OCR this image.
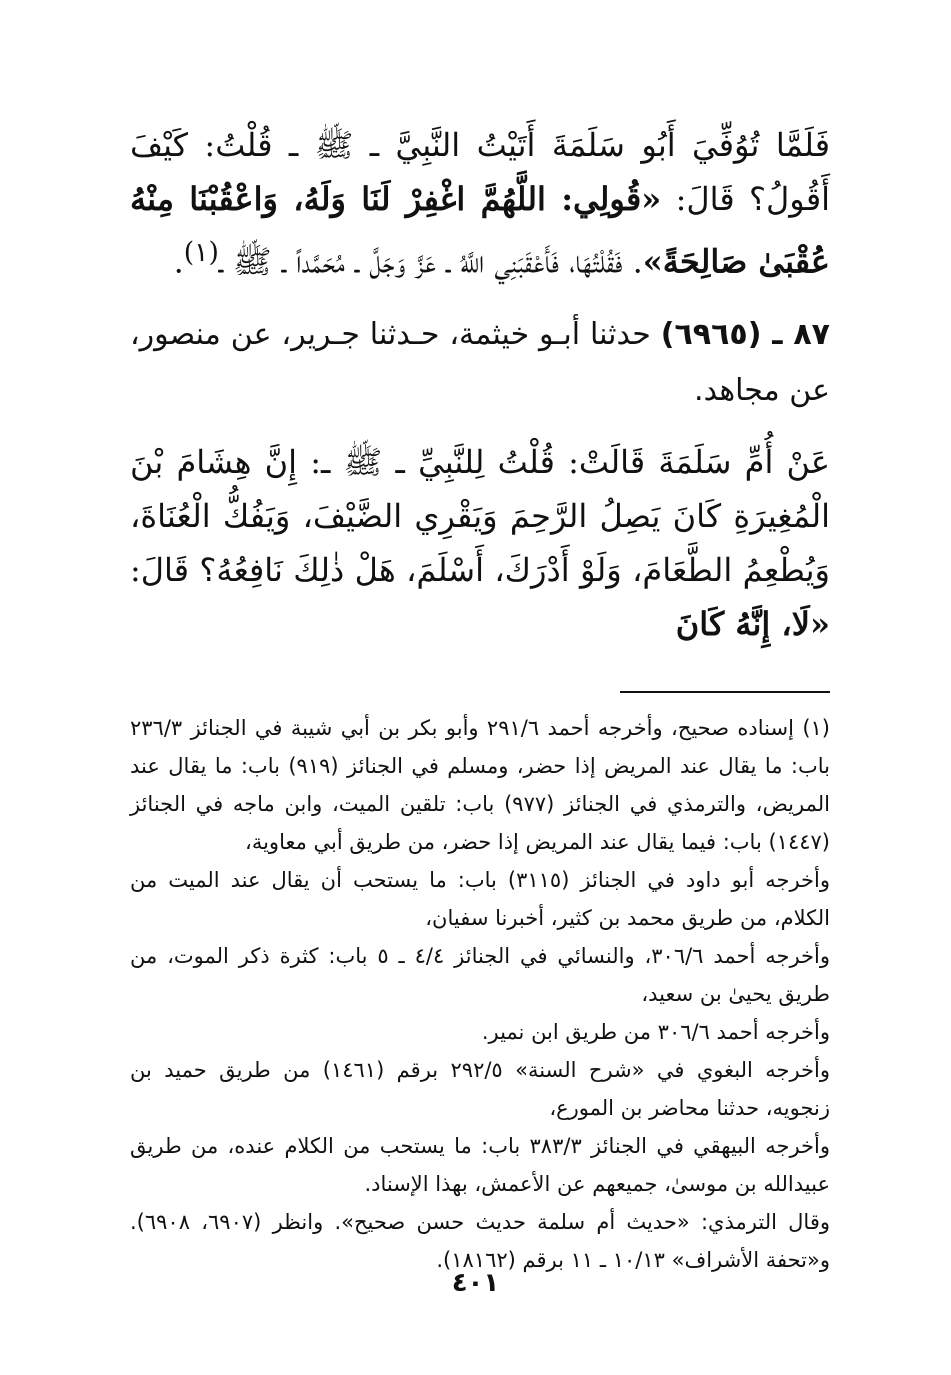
فَلَمَّا تُوُفِّيَ أَبُو سَلَمَةَ أَتَيْتُ النَّبِيَّ ـ ﷺ ـ قُلْتُ: كَيْفَ أَقُولُ؟ قَالَ: «قُولِي: اللَّهُمَّ اغْفِرْ لَنَا وَلَهُ، وَاعْقُبْنَا مِنْهُ عُقْبَىٰ صَالِحَةً». فَقُلْتُهَا، فَأَعْقَبَنِي اللَّهُ ـ عَزَّ وَجَلَّ ـ مُحَمَّداً ـ ﷺ ـ$^{(١)}$.

٨٧ ـ (٦٩٦٥) حدثنا أبـو خيثمة، حـدثنا جـرير، عن منصور، عن مجاهد.

عَنْ أُمِّ سَلَمَةَ قَالَتْ: قُلْتُ لِلنَّبِيِّ ـ ﷺ ـ: إِنَّ هِشَامَ بْنَ الْمُغِيرَةِ كَانَ يَصِلُ الرَّحِمَ وَيَقْرِي الضَّيْفَ، وَيَفُكُّ الْعُنَاةَ، وَيُطْعِمُ الطَّعَامَ، وَلَوْ أَدْرَكَ، أَسْلَمَ، هَلْ ذٰلِكَ نَافِعُهُ؟ قَالَ: «لَا، إِنَّهُ كَانَ

(١) إسناده صحيح، وأخرجه أحمد ٢٩١/٦ وأبو بكر بن أبي شيبة في الجنائز ٢٣٦/٣ باب: ما يقال عند المريض إذا حضر، ومسلم في الجنائز (٩١٩) باب: ما يقال عند المريض، والترمذي في الجنائز (٩٧٧) باب: تلقين الميت، وابن ماجه في الجنائز (١٤٤٧) باب: فيما يقال عند المريض إذا حضر، من طريق أبي معاوية،

وأخرجه أبو داود في الجنائز (٣١١٥) باب: ما يستحب أن يقال عند الميت من الكلام، من طريق محمد بن كثير، أخبرنا سفيان،

وأخرجه أحمد ٣٠٦/٦، والنسائي في الجنائز ٤/٤ ـ ٥ باب: كثرة ذكر الموت، من طريق يحيىٰ بن سعيد،

وأخرجه أحمد ٣٠٦/٦ من طريق ابن نمير.

وأخرجه البغوي في «شرح السنة» ٢٩٢/٥ برقم (١٤٦١) من طريق حميد بن زنجويه، حدثنا محاضر بن المورع،

وأخرجه البيهقي في الجنائز ٣٨٣/٣ باب: ما يستحب من الكلام عنده، من طريق عبيدالله بن موسىٰ، جميعهم عن الأعمش، بهذا الإسناد.

وقال الترمذي: «حديث أم سلمة حديث حسن صحيح». وانظر (٦٩٠٧، ٦٩٠٨). و«تحفة الأشراف» ١٠/١٣ ـ ١١ برقم (١٨١٦٢).

٤٠١
